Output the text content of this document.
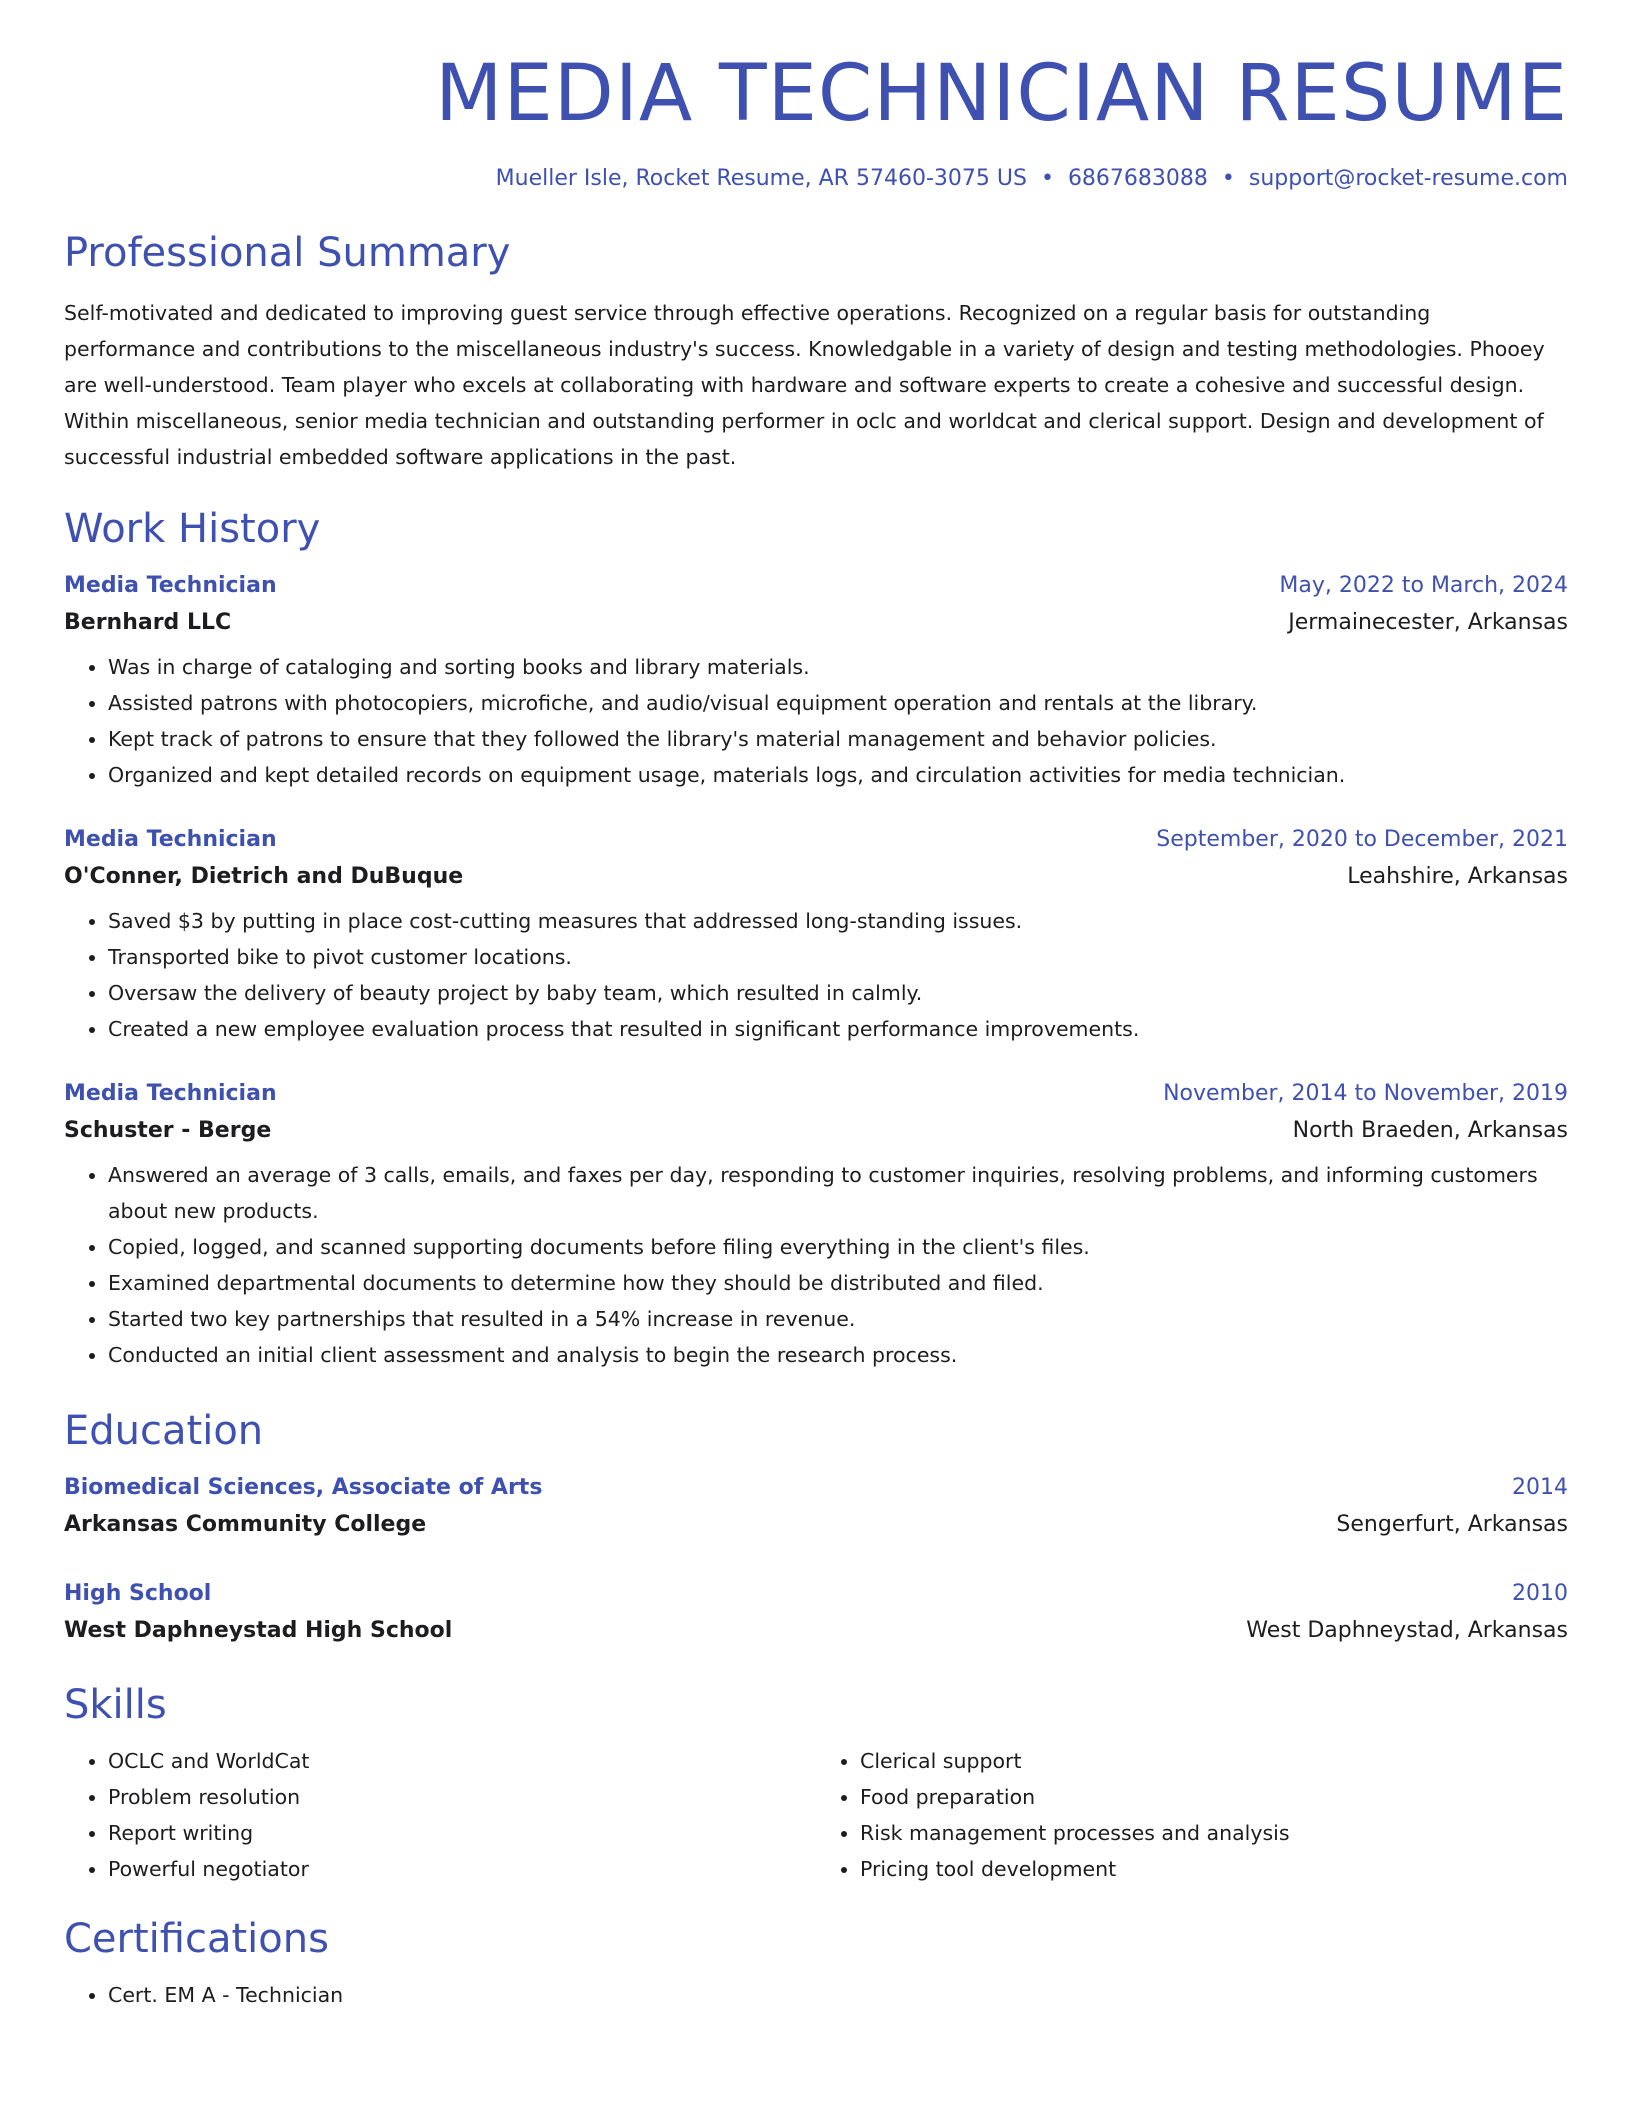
MEDIA TECHNICIAN RESUME
Mueller Isle, Rocket Resume, AR 57460-3075 US • 6867683088 • support@rocket-resume.com
Professional Summary
Self-motivated and dedicated to improving guest service through effective operations. Recognized on a regular basis for outstanding performance and contributions to the miscellaneous industry's success. Knowledgable in a variety of design and testing methodologies. Phooey are well-understood. Team player who excels at collaborating with hardware and software experts to create a cohesive and successful design. Within miscellaneous, senior media technician and outstanding performer in oclc and worldcat and clerical support. Design and development of successful industrial embedded software applications in the past.
Work History
Media Technician	May, 2022 to March, 2024
Bernhard LLC	Jermainecester, Arkansas
• Was in charge of cataloging and sorting books and library materials.
• Assisted patrons with photocopiers, microfiche, and audio/visual equipment operation and rentals at the library.
• Kept track of patrons to ensure that they followed the library's material management and behavior policies.
• Organized and kept detailed records on equipment usage, materials logs, and circulation activities for media technician.
Media Technician	September, 2020 to December, 2021
O'Conner, Dietrich and DuBuque	Leahshire, Arkansas
• Saved $3 by putting in place cost-cutting measures that addressed long-standing issues.
• Transported bike to pivot customer locations.
• Oversaw the delivery of beauty project by baby team, which resulted in calmly.
• Created a new employee evaluation process that resulted in significant performance improvements.
Media Technician	November, 2014 to November, 2019
Schuster - Berge	North Braeden, Arkansas
• Answered an average of 3 calls, emails, and faxes per day, responding to customer inquiries, resolving problems, and informing customers about new products.
• Copied, logged, and scanned supporting documents before filing everything in the client's files.
• Examined departmental documents to determine how they should be distributed and filed.
• Started two key partnerships that resulted in a 54% increase in revenue.
• Conducted an initial client assessment and analysis to begin the research process.
Education
Biomedical Sciences, Associate of Arts	2014
Arkansas Community College	Sengerfurt, Arkansas
High School	2010
West Daphneystad High School	West Daphneystad, Arkansas
Skills
• OCLC and WorldCat
• Problem resolution
• Report writing
• Powerful negotiator
• Clerical support
• Food preparation
• Risk management processes and analysis
• Pricing tool development
Certifications
• Cert. EM A - Technician
